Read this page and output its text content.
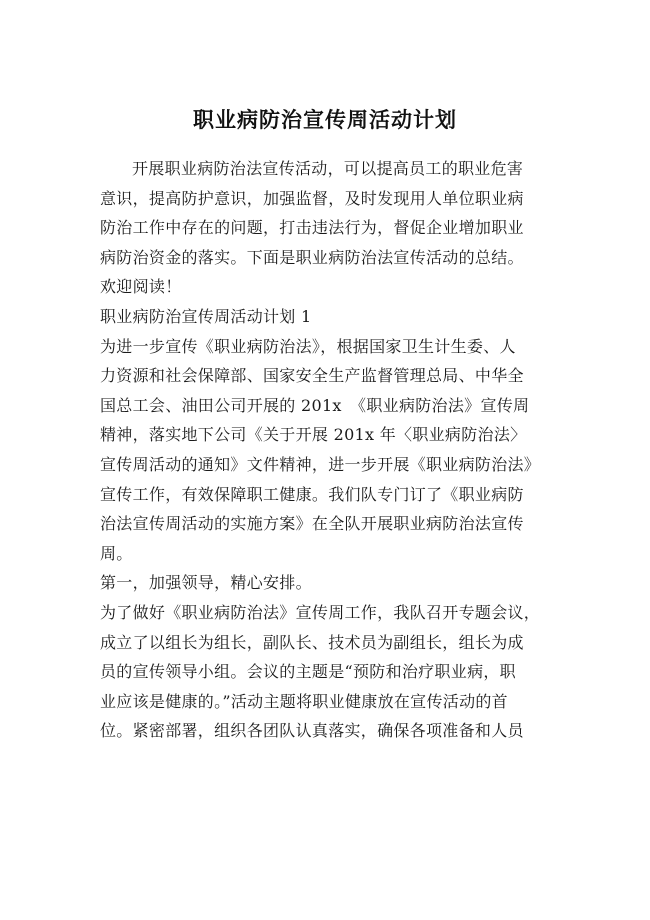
职业病防治宣传周活动计划
开展职业病防治法宣传活动，可以提高员工的职业危害
意识，提高防护意识，加强监督，及时发现用人单位职业病
防治工作中存在的问题，打击违法行为，督促企业增加职业
病防治资金的落实。下面是职业病防治法宣传活动的总结。
欢迎阅读！
职业病防治宣传周活动计划 1
为进一步宣传《职业病防治法》，根据国家卫生计生委、人
力资源和社会保障部、国家安全生产监督管理总局、中华全
国总工会、油田公司开展的 201x　《职业病防治法》宣传周
精神，落实地下公司《关于开展 201x 年〈职业病防治法〉
宣传周活动的通知》文件精神，进一步开展《职业病防治法》
宣传工作，有效保障职工健康。我们队专门订了《职业病防
治法宣传周活动的实施方案》在全队开展职业病防治法宣传
周。
第一，加强领导，精心安排。
为了做好《职业病防治法》宣传周工作，我队召开专题会议，
成立了以组长为组长，副队长、技术员为副组长，组长为成
员的宣传领导小组。会议的主题是“预防和治疗职业病，职
业应该是健康的。”活动主题将职业健康放在宣传活动的首
位。紧密部署，组织各团队认真落实，确保各项准备和人员
